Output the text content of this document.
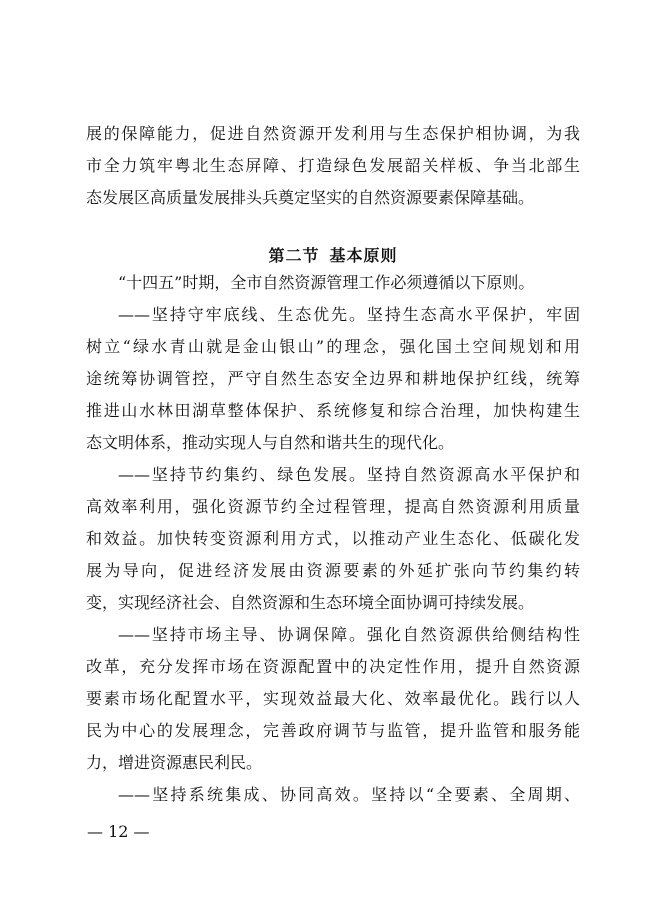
展的保障能力，促进自然资源开发利用与生态保护相协调，为我
市全力筑牢粤北生态屏障、打造绿色发展韶关样板、争当北部生
态发展区高质量发展排头兵奠定坚实的自然资源要素保障基础。
第二节 基本原则
“十四五”时期，全市自然资源管理工作必须遵循以下原则。
——坚持守牢底线、生态优先。坚持生态高水平保护，牢固
树立“绿水青山就是金山银山”的理念，强化国土空间规划和用
途统筹协调管控，严守自然生态安全边界和耕地保护红线，统筹
推进山水林田湖草整体保护、系统修复和综合治理，加快构建生
态文明体系，推动实现人与自然和谐共生的现代化。
——坚持节约集约、绿色发展。坚持自然资源高水平保护和
高效率利用，强化资源节约全过程管理，提高自然资源利用质量
和效益。加快转变资源利用方式，以推动产业生态化、低碳化发
展为导向，促进经济发展由资源要素的外延扩张向节约集约转
变，实现经济社会、自然资源和生态环境全面协调可持续发展。
——坚持市场主导、协调保障。强化自然资源供给侧结构性
改革，充分发挥市场在资源配置中的决定性作用，提升自然资源
要素市场化配置水平，实现效益最大化、效率最优化。践行以人
民为中心的发展理念，完善政府调节与监管，提升监管和服务能
力，增进资源惠民利民。
——坚持系统集成、协同高效。坚持以“全要素、全周期、
— 12 —
